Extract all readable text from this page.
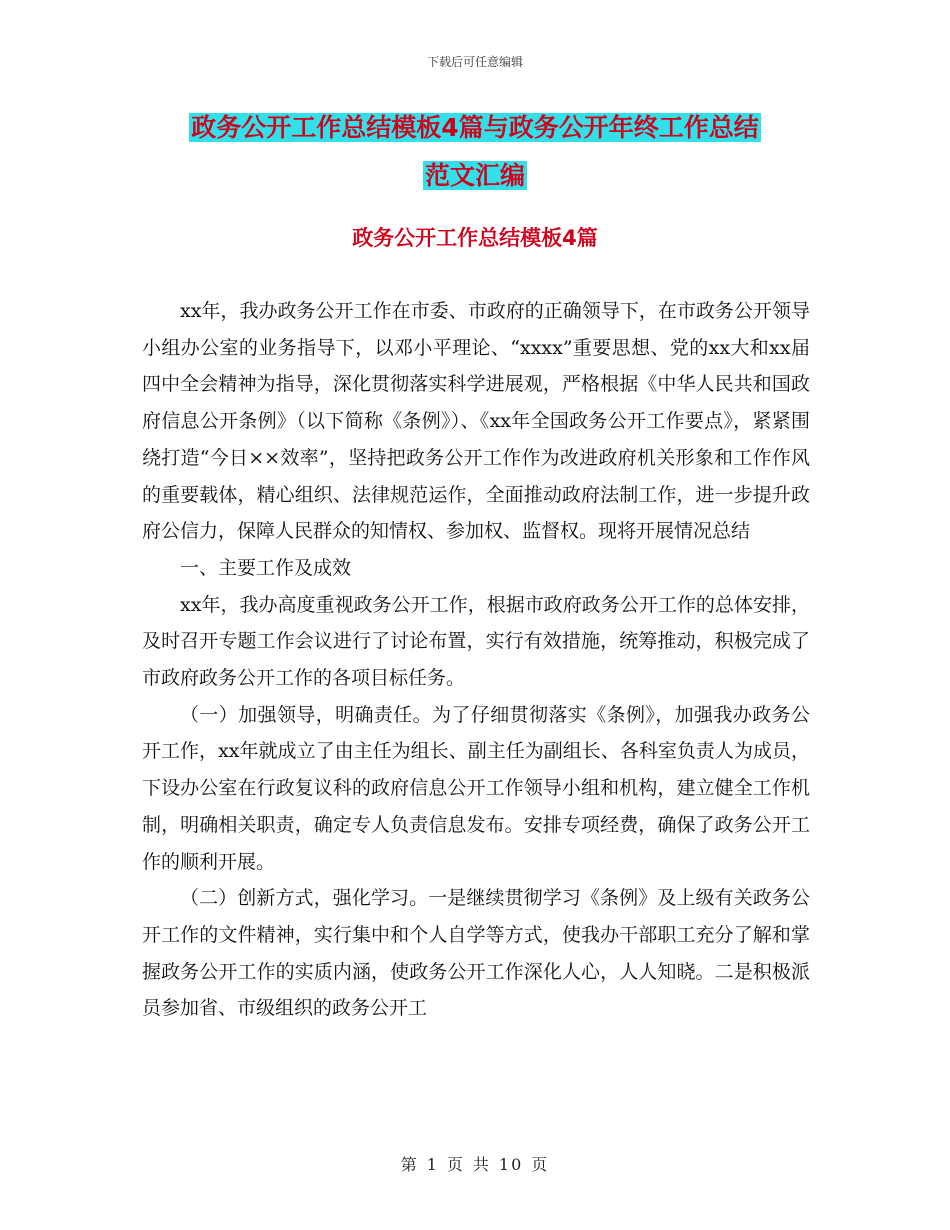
下载后可任意编辑
政务公开工作总结模板4篇与政务公开年终工作总结
范文汇编
政务公开工作总结模板4篇

xx年，我办政务公开工作在市委、市政府的正确领导下，在市政务公开领导小组办公室的业务指导下，以邓小平理论、“xxxx”重要思想、党的xx大和xx届四中全会精神为指导，深化贯彻落实科学进展观，严格根据《中华人民共和国政府信息公开条例》（以下简称《条例》）、《xx年全国政务公开工作要点》，紧紧围绕打造“今日××效率”，坚持把政务公开工作作为改进政府机关形象和工作作风的重要载体，精心组织、法律规范运作，全面推动政府法制工作，进一步提升政府公信力，保障人民群众的知情权、参加权、监督权。现将开展情况总结

一、主要工作及成效

xx年，我办高度重视政务公开工作，根据市政府政务公开工作的总体安排，及时召开专题工作会议进行了讨论布置，实行有效措施，统筹推动，积极完成了市政府政务公开工作的各项目标任务。

（一）加强领导，明确责任。为了仔细贯彻落实《条例》，加强我办政务公开工作，xx年就成立了由主任为组长、副主任为副组长、各科室负责人为成员，下设办公室在行政复议科的政府信息公开工作领导小组和机构，建立健全工作机制，明确相关职责，确定专人负责信息发布。安排专项经费，确保了政务公开工作的顺利开展。

（二）创新方式，强化学习。一是继续贯彻学习《条例》及上级有关政务公开工作的文件精神，实行集中和个人自学等方式，使我办干部职工充分了解和掌握政务公开工作的实质内涵，使政务公开工作深化人心，人人知晓。二是积极派员参加省、市级组织的政务公开工

第 1 页 共 10 页
